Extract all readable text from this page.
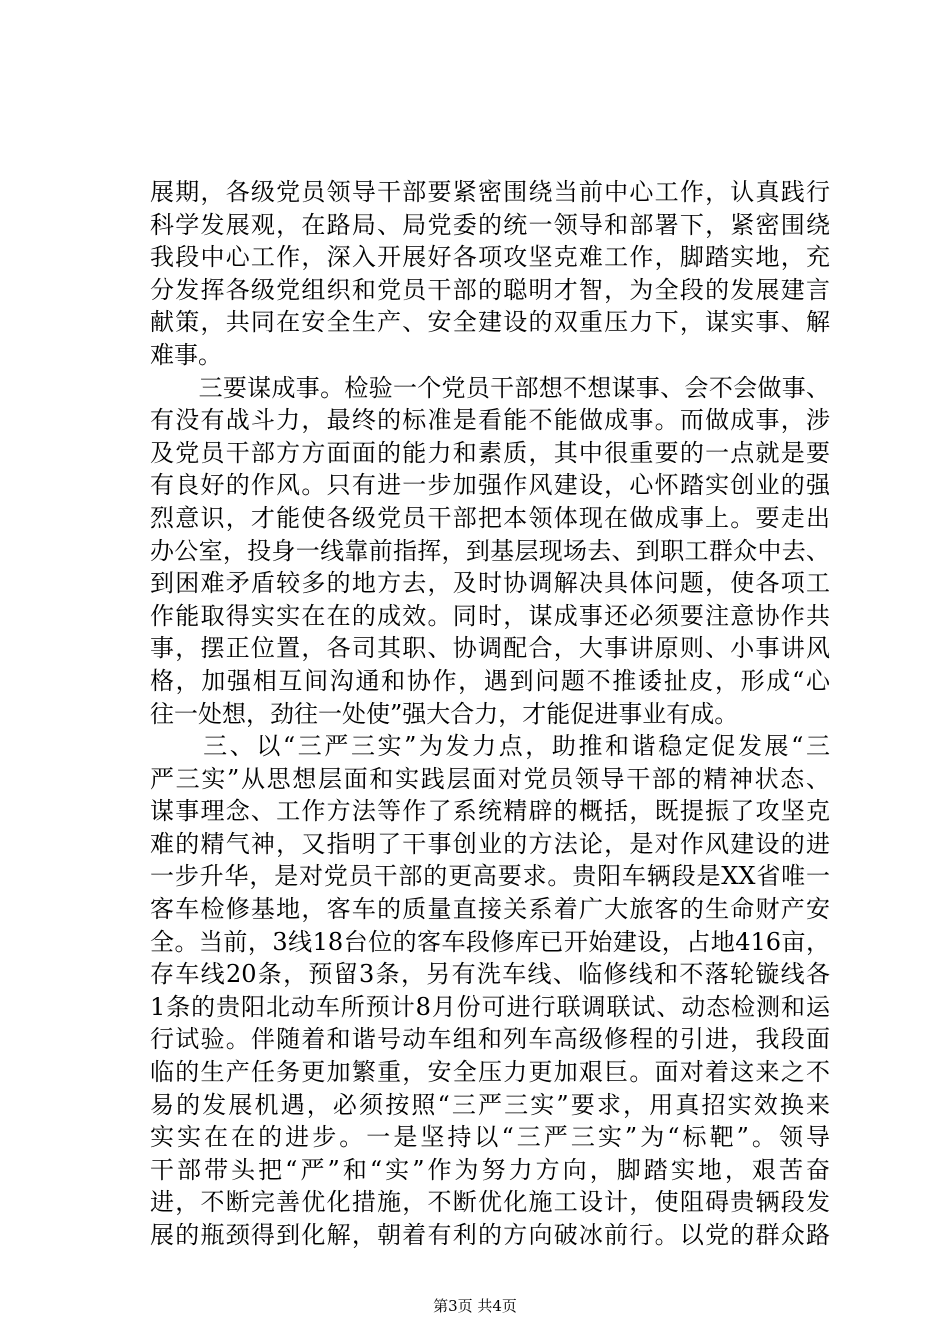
展期，各级党员领导干部要紧密围绕当前中心工作，认真践行
科学发展观，在路局、局党委的统一领导和部署下，紧密围绕
我段中心工作，深入开展好各项攻坚克难工作，脚踏实地，充
分发挥各级党组织和党员干部的聪明才智，为全段的发展建言
献策，共同在安全生产、安全建设的双重压力下，谋实事、解
难事。
　　三要谋成事。检验一个党员干部想不想谋事、会不会做事、
有没有战斗力，最终的标准是看能不能做成事。而做成事，涉
及党员干部方方面面的能力和素质，其中很重要的一点就是要
有良好的作风。只有进一步加强作风建设，心怀踏实创业的强
烈意识，才能使各级党员干部把本领体现在做成事上。要走出
办公室，投身一线靠前指挥，到基层现场去、到职工群众中去、
到困难矛盾较多的地方去，及时协调解决具体问题，使各项工
作能取得实实在在的成效。同时，谋成事还必须要注意协作共
事，摆正位置，各司其职、协调配合，大事讲原则、小事讲风
格，加强相互间沟通和协作，遇到问题不推诿扯皮，形成“心
往一处想，劲往一处使”强大合力，才能促进事业有成。
　　三、以“三严三实”为发力点，助推和谐稳定促发展“三
严三实”从思想层面和实践层面对党员领导干部的精神状态、
谋事理念、工作方法等作了系统精辟的概括，既提振了攻坚克
难的精气神，又指明了干事创业的方法论，是对作风建设的进
一步升华，是对党员干部的更高要求。贵阳车辆段是XX省唯一
客车检修基地，客车的质量直接关系着广大旅客的生命财产安
全。当前，3线18台位的客车段修库已开始建设，占地416亩，
存车线20条，预留3条，另有洗车线、临修线和不落轮镟线各
1条的贵阳北动车所预计8月份可进行联调联试、动态检测和运
行试验。伴随着和谐号动车组和列车高级修程的引进，我段面
临的生产任务更加繁重，安全压力更加艰巨。面对着这来之不
易的发展机遇，必须按照“三严三实”要求，用真招实效换来
实实在在的进步。一是坚持以“三严三实”为“标靶”。领导
干部带头把“严”和“实”作为努力方向，脚踏实地，艰苦奋
进，不断完善优化措施，不断优化施工设计，使阻碍贵辆段发
展的瓶颈得到化解，朝着有利的方向破冰前行。以党的群众路
第3页 共4页
